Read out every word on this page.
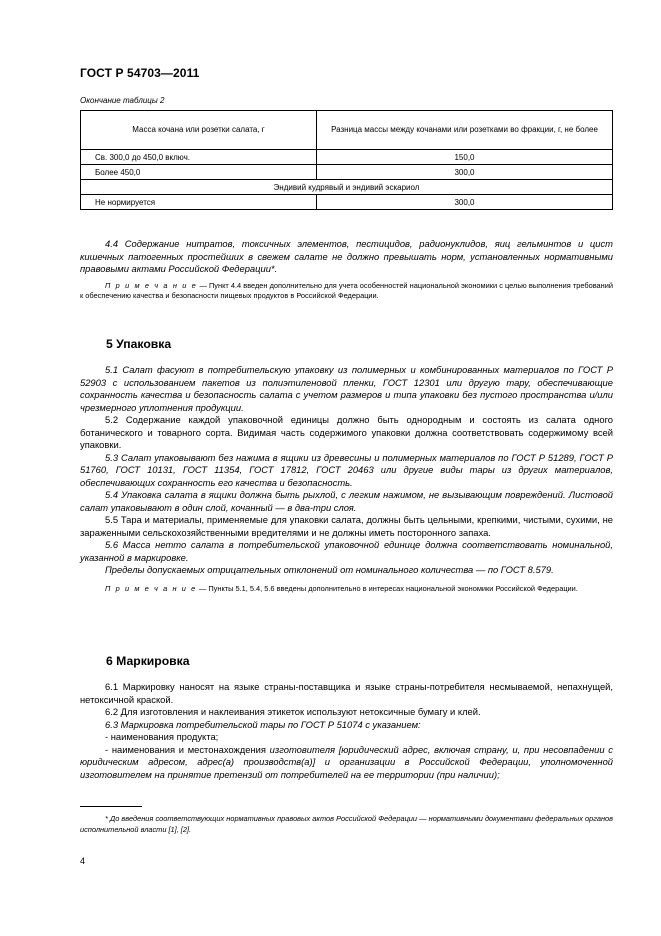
ГОСТ Р 54703—2011
Окончание таблицы 2
Масса кочана или розетки салата, г	Разница массы между кочанами или розетками во фракции, г, не более
Св. 300,0 до 450,0 включ.	150,0
Более 450,0	300,0
Эндивий кудрявый и эндивий эскариол	
Не нормируется	300,0

4.4 Содержание нитратов, токсичных элементов, пестицидов, радионуклидов, яиц гельминтов и цист кишечных патогенных простейших в свежем салате не должно превышать норм, установленных нормативными правовыми актами Российской Федерации*.

П р и м е ч а н и е — Пункт 4.4 введен дополнительно для учета особенностей национальной экономики с целью выполнения требований к обеспечению качества и безопасности пищевых продуктов в Российской Федерации.

5 Упаковка

5.1 Салат фасуют в потребительскую упаковку из полимерных и комбинированных материалов по ГОСТ Р 52903 с использованием пакетов из полиэтиленовой пленки, ГОСТ 12301 или другую тару, обеспечивающие сохранность качества и безопасность салата с учетом размеров и типа упаковки без пустого пространства и/или чрезмерного уплотнения продукции.

5.2 Содержание каждой упаковочной единицы должно быть однородным и состоять из салата одного ботанического и товарного сорта. Видимая часть содержимого упаковки должна соответствовать содержимому всей упаковки.

5.3 Салат упаковывают без нажима в ящики из древесины и полимерных материалов по ГОСТ Р 51289, ГОСТ Р 51760, ГОСТ 10131, ГОСТ 11354, ГОСТ 17812, ГОСТ 20463 или другие виды тары из других материалов, обеспечивающих сохранность его качества и безопасность.

5.4 Упаковка салата в ящики должна быть рыхлой, с легким нажимом, не вызывающим повреждений. Листовой салат упаковывают в один слой, кочанный — в два-три слоя.

5.5 Тара и материалы, применяемые для упаковки салата, должны быть цельными, крепкими, чистыми, сухими, не зараженными сельскохозяйственными вредителями и не должны иметь посторонного запаха.

5.6 Масса нетто салата в потребительской упаковочной единице должна соответствовать номинальной, указанной в маркировке.

Пределы допускаемых отрицательных отклонений от номинального количества — по ГОСТ 8.579.

П р и м е ч а н и е — Пункты 5.1, 5.4, 5.6 введены дополнительно в интересах национальной экономики Российской Федерации.

6 Маркировка

6.1 Маркировку наносят на языке страны-поставщика и языке страны-потребителя несмываемой, непахнущей, нетоксичной краской.

6.2 Для изготовления и наклеивания этикеток используют нетоксичные бумагу и клей.

6.3 Маркировка потребительской тары по ГОСТ Р 51074 с указанием:

- наименования продукта;

- наименования и местонахождения изготовителя [юридический адрес, включая страну, и, при несовпадении с юридическим адресом, адрес(а) производств(а)] и организации в Российской Федерации, уполномоченной изготовителем на принятие претензий от потребителей на ее территории (при наличии);

* До введения соответствующих нормативных правовых актов Российской Федерации — нормативными документами федеральных органов исполнительной власти [1], [2].
4
